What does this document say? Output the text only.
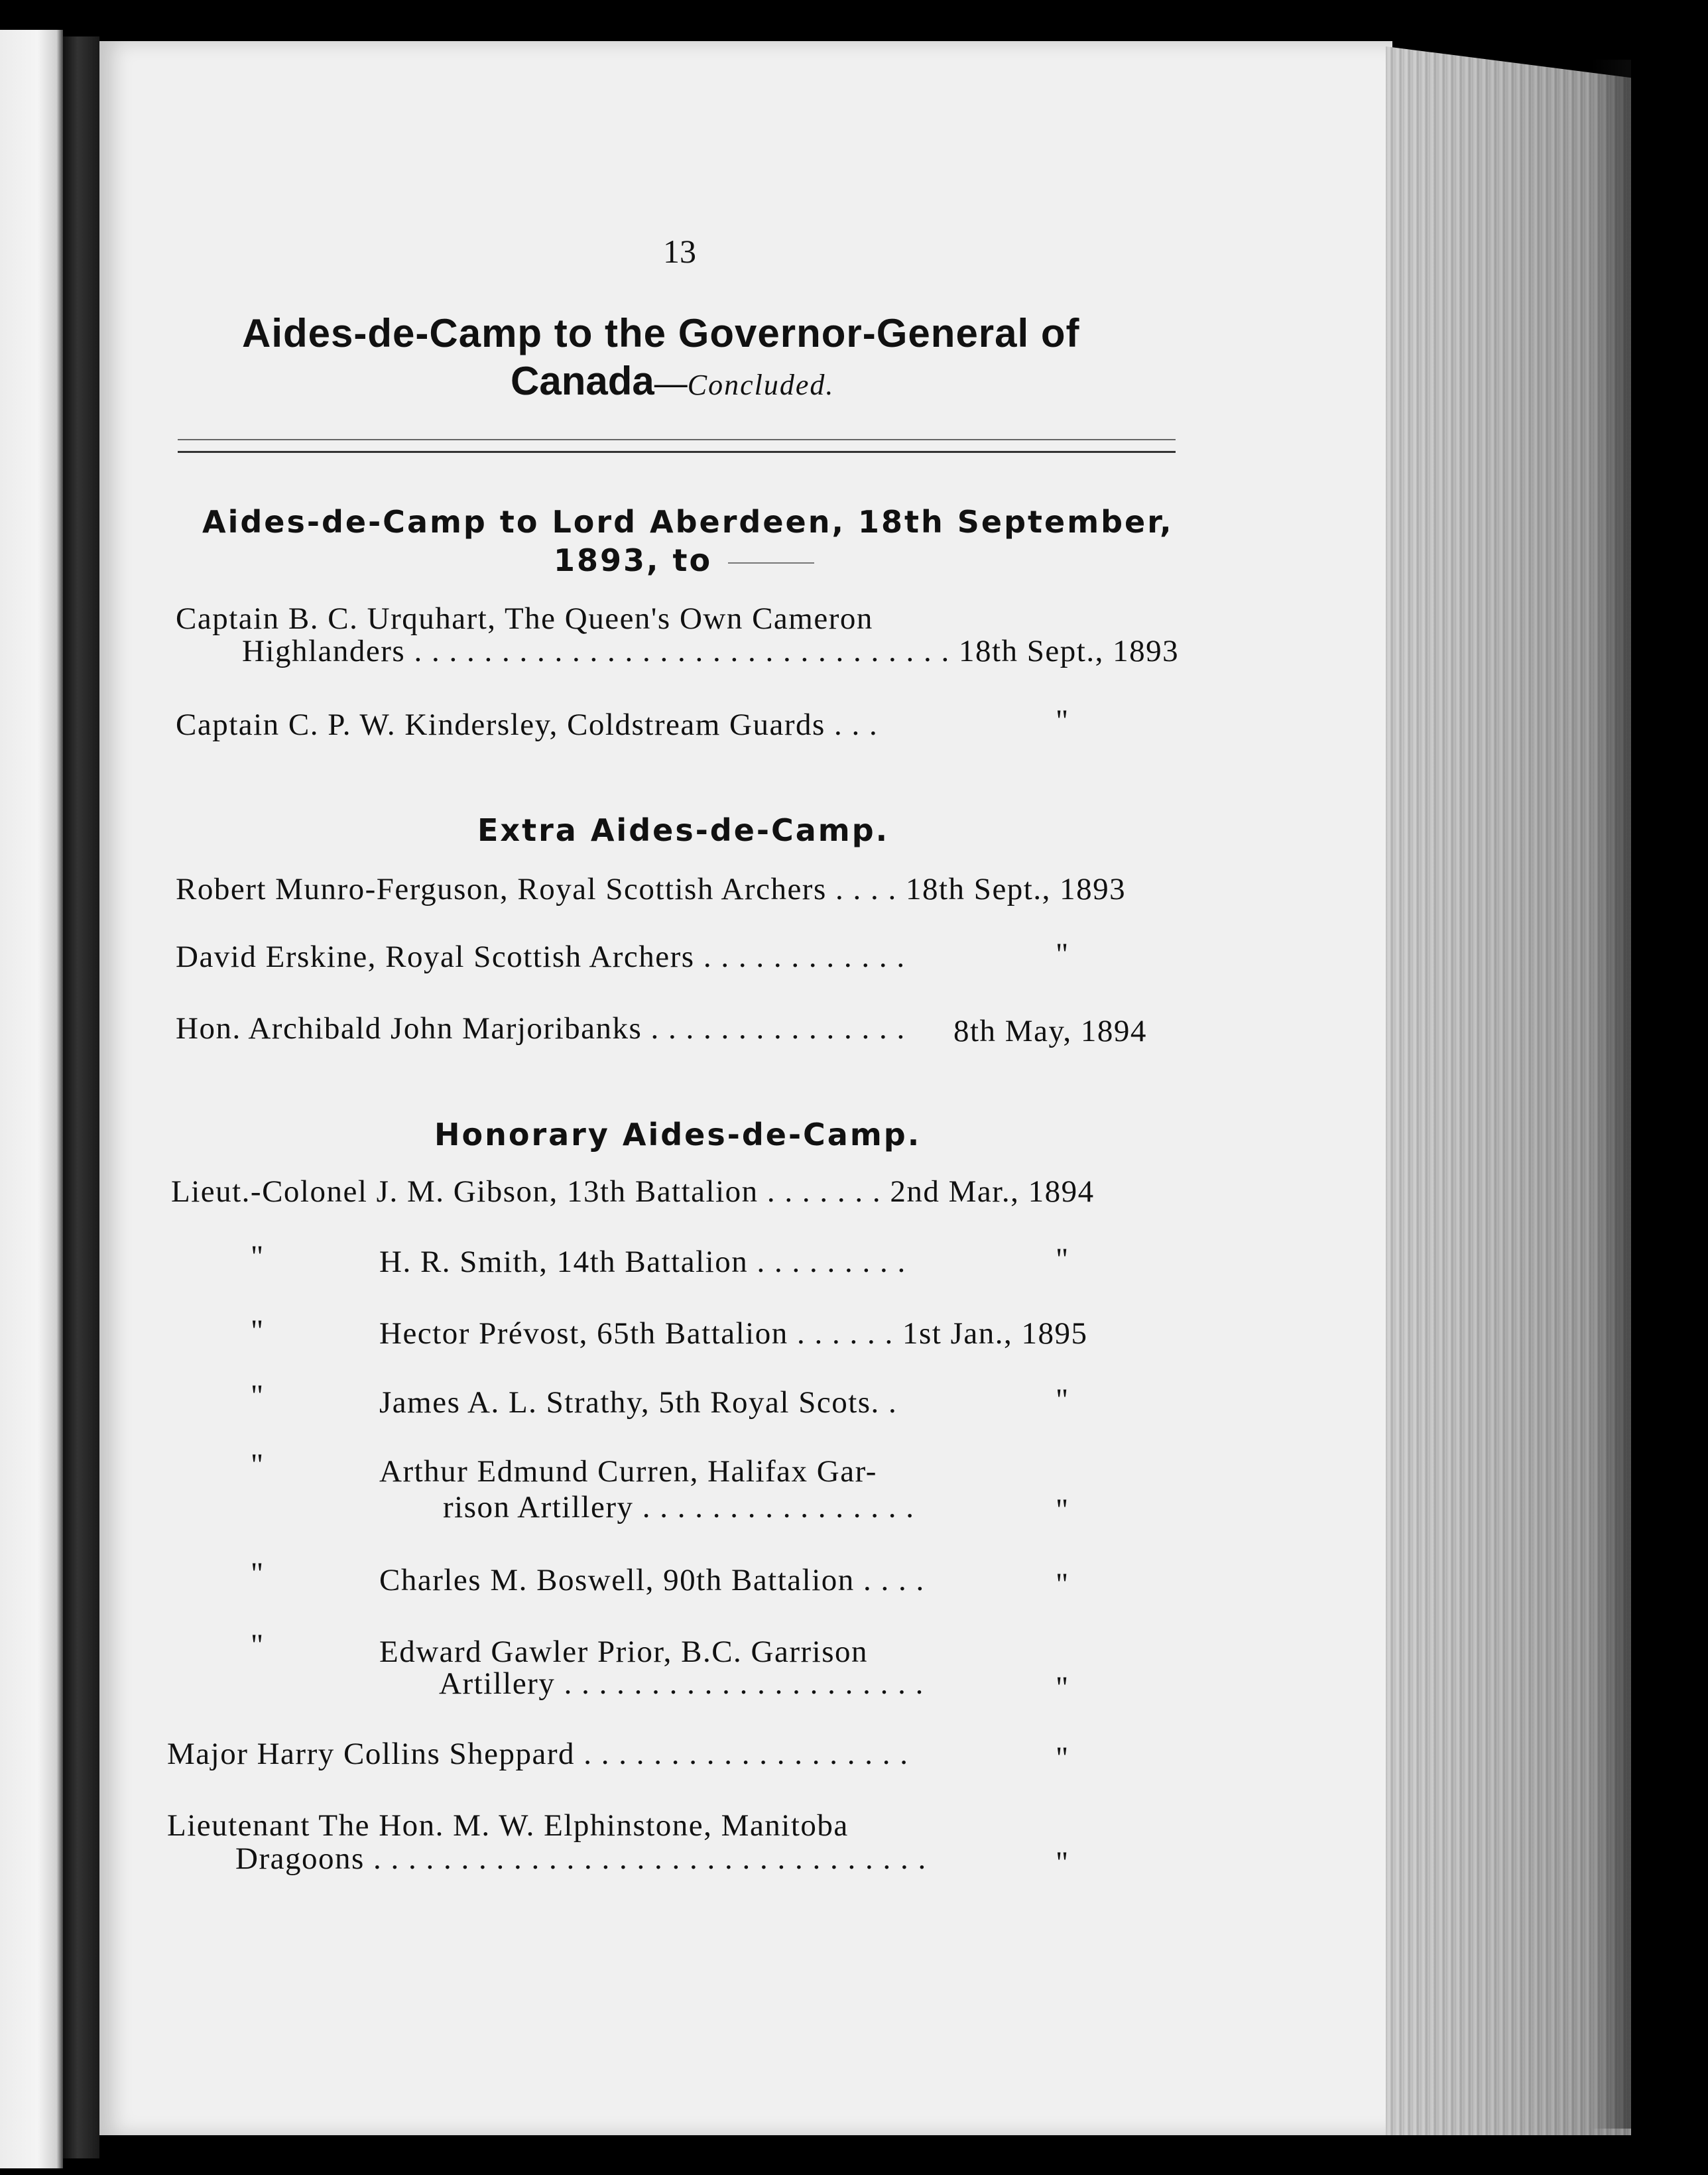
13
Aides-de-Camp to the Governor-General of
Canada—Concluded.
Aides-de-Camp to Lord Aberdeen, 18th September,
1893, to
Captain B. C. Urquhart, The Queen's Own Cameron
Highlanders . . . . . . . . . . . . . . . . . . . . . . . . . . . . . . . 18th Sept., 1893
Captain C. P. W. Kindersley, Coldstream Guards . . .	"
Extra Aides-de-Camp.
Robert Munro-Ferguson, Royal Scottish Archers . . . . 18th Sept., 1893
David Erskine, Royal Scottish Archers . . . . . . . . . . . .	"
Hon. Archibald John Marjoribanks . . . . . . . . . . . . . . . 8th May, 1894
Honorary Aides-de-Camp.
Lieut.-Colonel J. M. Gibson, 13th Battalion . . . . . . . 2nd Mar., 1894
"	H. R. Smith, 14th Battalion . . . . . . . . .	"
"	Hector Prévost, 65th Battalion . . . . . . 1st Jan., 1895
"	James A. L. Strathy, 5th Royal Scots. .	"
"	Arthur Edmund Curren, Halifax Gar-
rison Artillery . . . . . . . . . . . . . . . .	"
"	Charles M. Boswell, 90th Battalion . . . .	"
"	Edward Gawler Prior, B.C. Garrison
Artillery . . . . . . . . . . . . . . . . . . . . .	"
Major Harry Collins Sheppard . . . . . . . . . . . . . . . . . . .	"
Lieutenant The Hon. M. W. Elphinstone, Manitoba
Dragoons . . . . . . . . . . . . . . . . . . . . . . . . . . . . . . . .	"
